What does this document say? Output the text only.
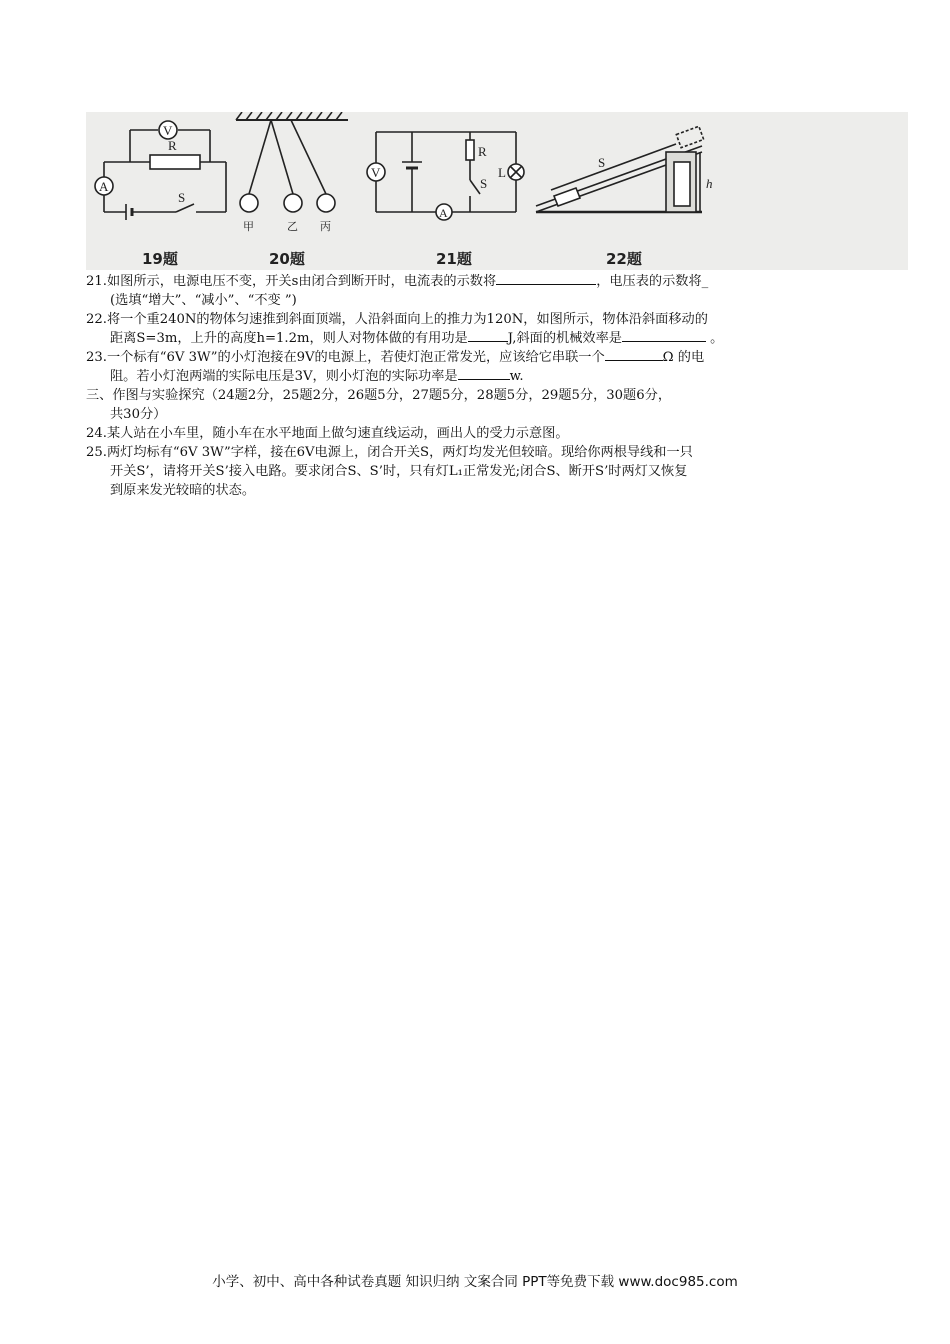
V
R
A
S
甲	乙 丙
V
R
S
L
A
S
h
19题	20题	21题	22题
21.如图所示，电源电压不变，开关s由闭合到断开时，电流表的示数将	，电压表的示数将_
(选填“增大”、“减小”、“不变 ”)
22.将一个重240N的物体匀速推到斜面顶端，人沿斜面向上的推力为120N，如图所示，物体沿斜面移动的
距离S=3m，上升的高度h=1.2m，则人对物体做的有用功是	J,斜面的机械效率是	。
23.一个标有“6V 3W”的小灯泡接在9V的电源上，若使灯泡正常发光，应该给它串联一个	Ω 的电
阻。若小灯泡两端的实际电压是3V，则小灯泡的实际功率是	w.
三、作图与实验探究（24题2分，25题2分，26题5分，27题5分，28题5分，29题5分，30题6分，
共30分）
24.某人站在小车里，随小车在水平地面上做匀速直线运动，画出人的受力示意图。
25.两灯均标有“6V 3W”字样，接在6V电源上，闭合开关S，两灯均发光但较暗。现给你两根导线和一只
开关S’，请将开关S’接入电路。要求闭合S、S’时，只有灯L₁正常发光;闭合S、断开S’时两灯又恢复
到原来发光较暗的状态。
小学、初中、高中各种试卷真题 知识归纳 文案合同 PPT等免费下载 www.doc985.com
